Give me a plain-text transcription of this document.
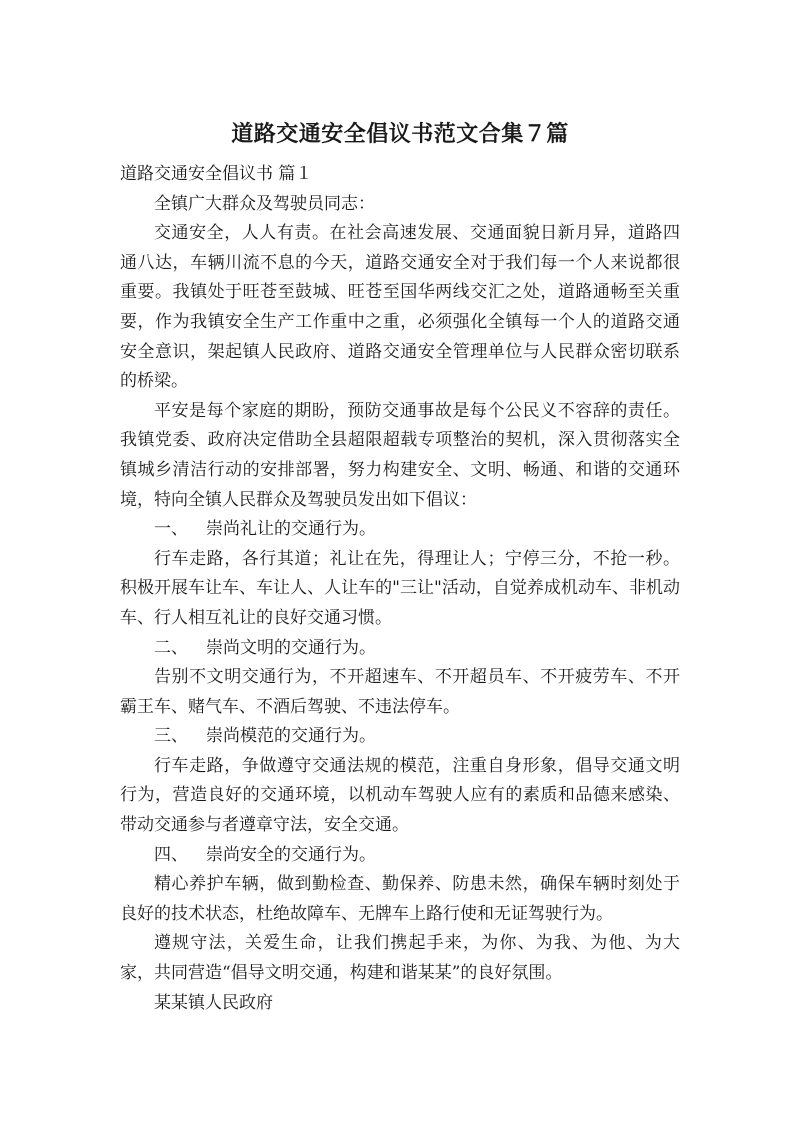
道路交通安全倡议书范文合集７篇

道路交通安全倡议书 篇１

全镇广大群众及驾驶员同志：

交通安全，人人有责。在社会高速发展、交通面貌日新月异，道路四通八达，车辆川流不息的今天，道路交通安全对于我们每一个人来说都很重要。我镇处于旺苍至鼓城、旺苍至国华两线交汇之处，道路通畅至关重要，作为我镇安全生产工作重中之重，必须强化全镇每一个人的道路交通安全意识，架起镇人民政府、道路交通安全管理单位与人民群众密切联系的桥梁。

平安是每个家庭的期盼，预防交通事故是每个公民义不容辞的责任。我镇党委、政府决定借助全县超限超载专项整治的契机，深入贯彻落实全镇城乡清洁行动的安排部署，努力构建安全、文明、畅通、和谐的交通环境，特向全镇人民群众及驾驶员发出如下倡议：

一、 崇尚礼让的交通行为。

行车走路，各行其道；礼让在先，得理让人；宁停三分，不抢一秒。积极开展车让车、车让人、人让车的"三让"活动，自觉养成机动车、非机动车、行人相互礼让的良好交通习惯。

二、 崇尚文明的交通行为。

告别不文明交通行为，不开超速车、不开超员车、不开疲劳车、不开霸王车、赌气车、不酒后驾驶、不违法停车。

三、 崇尚模范的交通行为。

行车走路，争做遵守交通法规的模范，注重自身形象，倡导交通文明行为，营造良好的交通环境，以机动车驾驶人应有的素质和品德来感染、带动交通参与者遵章守法，安全交通。

四、 崇尚安全的交通行为。

精心养护车辆，做到勤检查、勤保养、防患未然，确保车辆时刻处于良好的技术状态，杜绝故障车、无牌车上路行使和无证驾驶行为。

遵规守法，关爱生命，让我们携起手来，为你、为我、为他、为大家，共同营造“倡导文明交通，构建和谐某某”的良好氛围。

某某镇人民政府
